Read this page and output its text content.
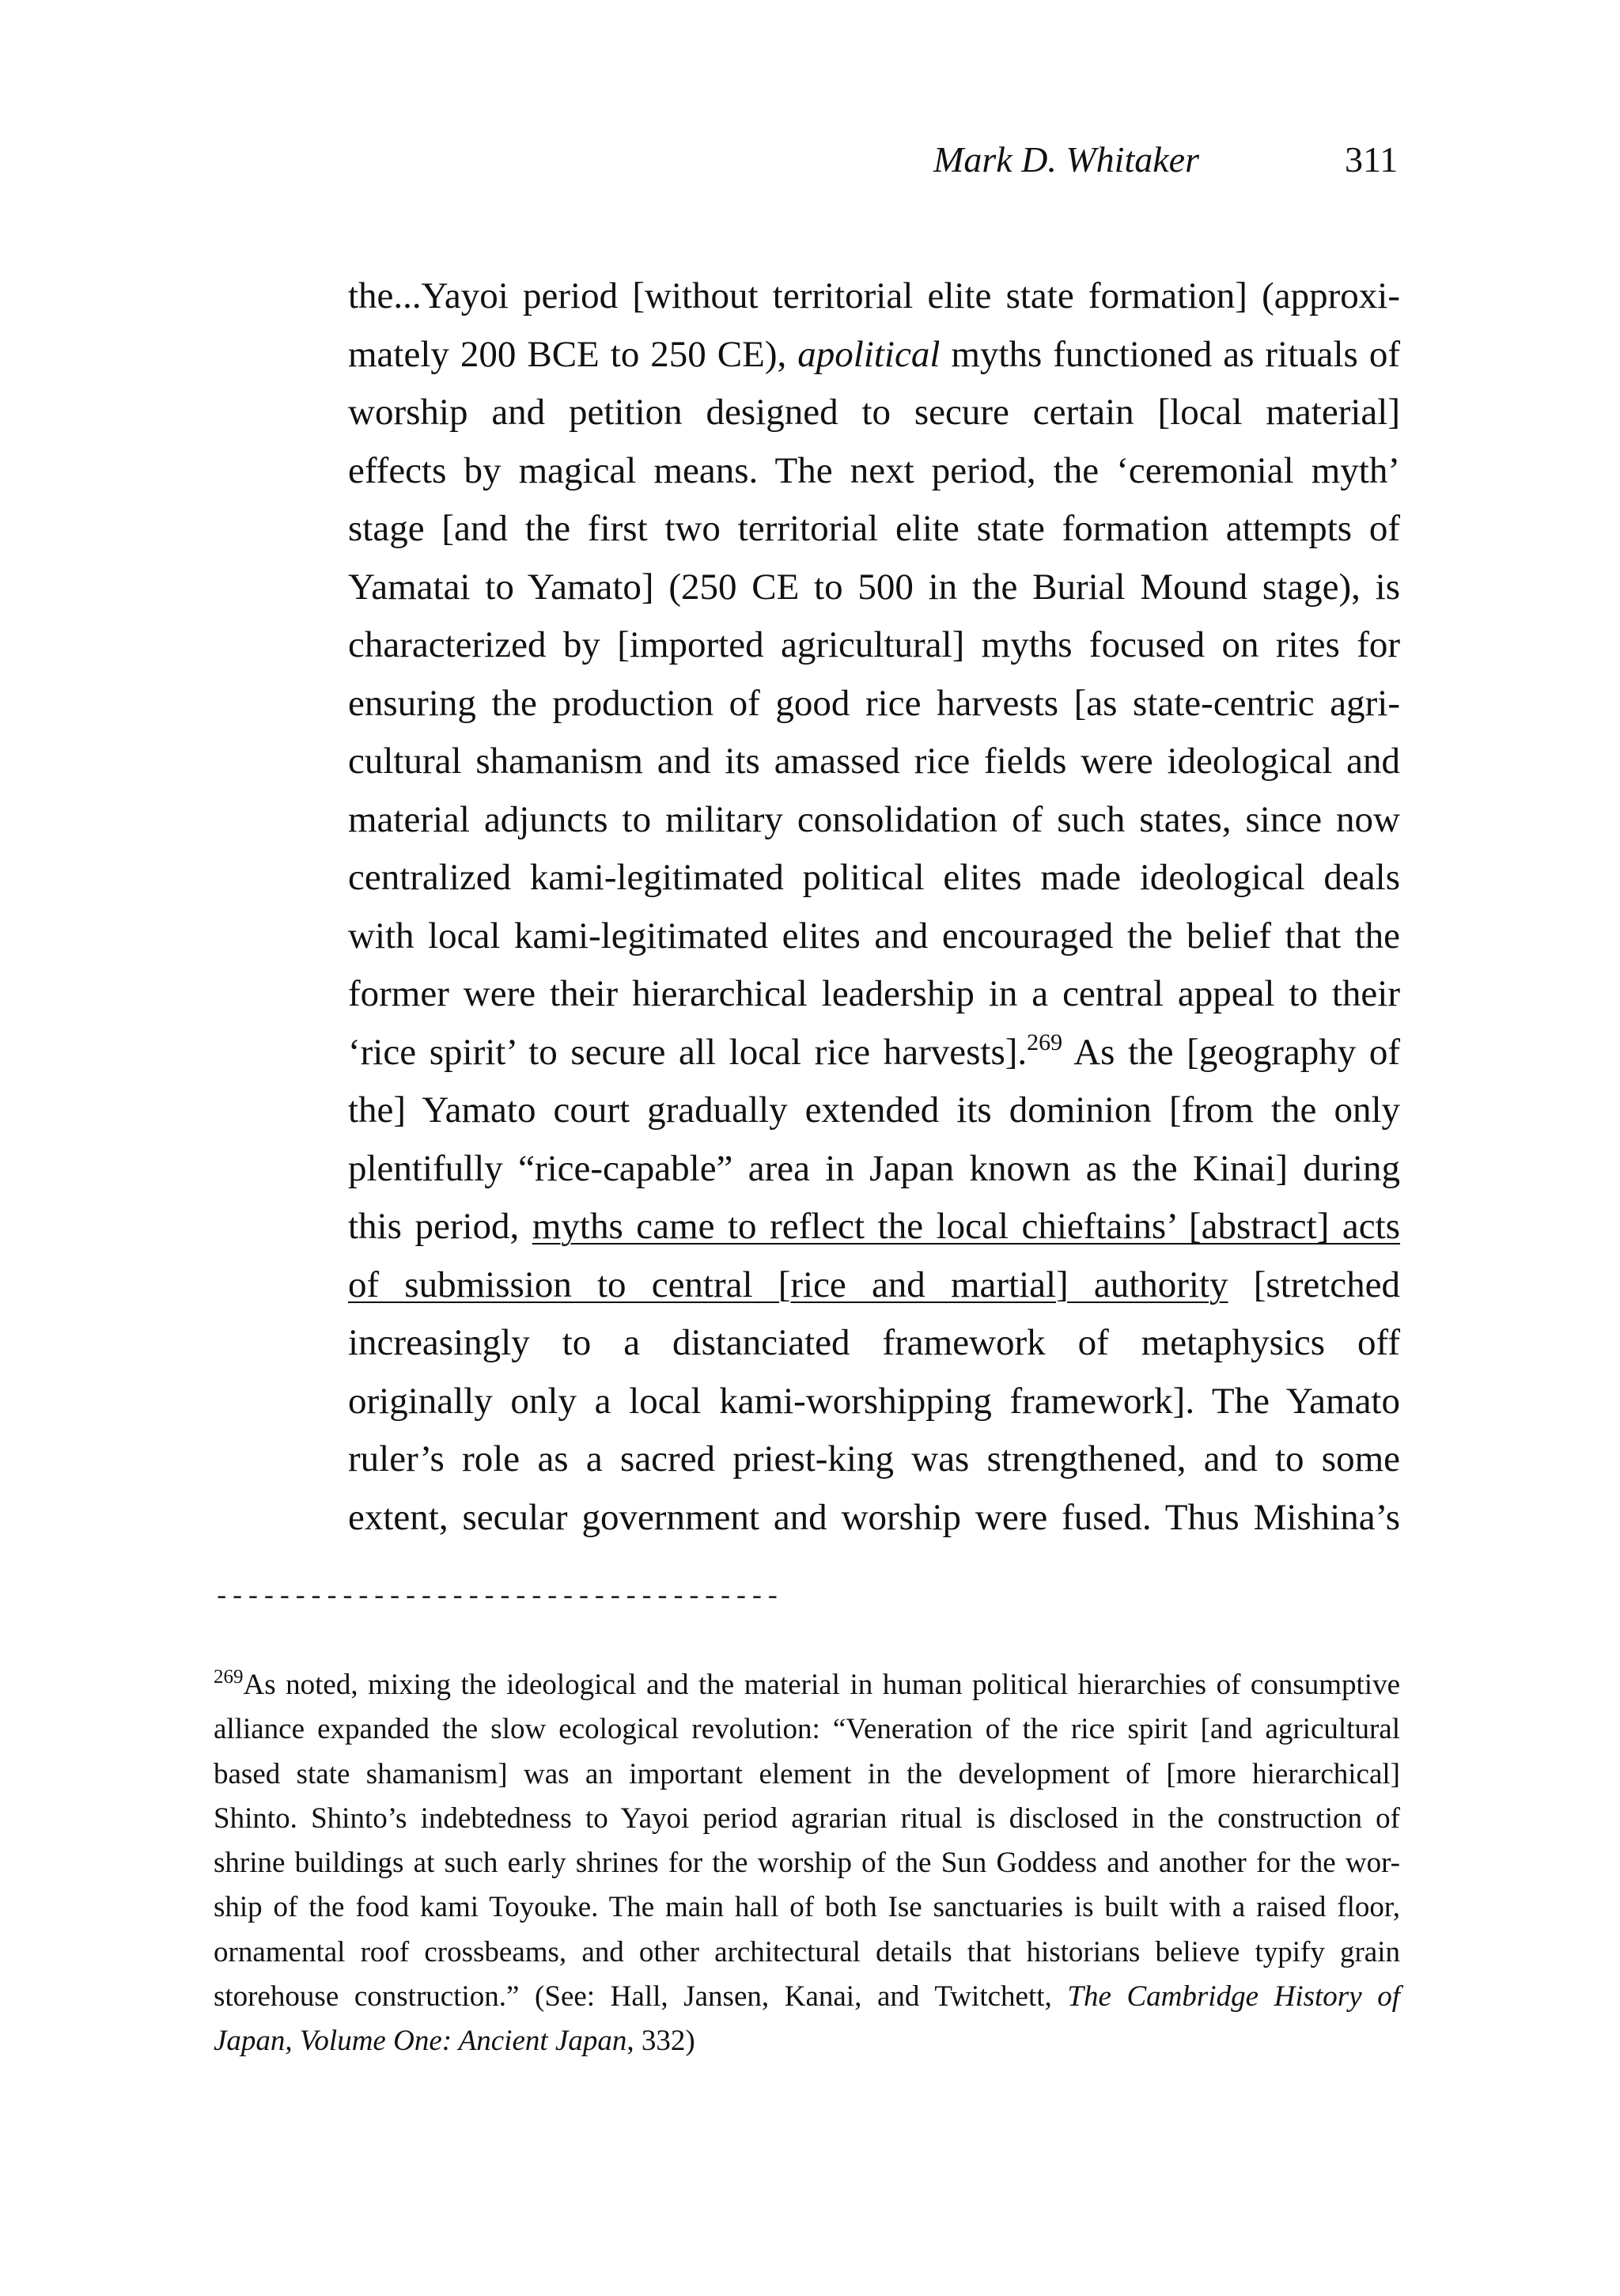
Mark D. Whitaker	311
the...Yayoi period [without territorial elite state formation] (approxi-
mately 200 BCE to 250 CE), apolitical myths functioned as rituals of
worship and petition designed to secure certain [local material]
effects by magical means. The next period, the ‘ceremonial myth’
stage [and the first two territorial elite state formation attempts of
Yamatai to Yamato] (250 CE to 500 in the Burial Mound stage), is
characterized by [imported agricultural] myths focused on rites for
ensuring the production of good rice harvests [as state-centric agri-
cultural shamanism and its amassed rice fields were ideological and
material adjuncts to military consolidation of such states, since now
centralized kami-legitimated political elites made ideological deals
with local kami-legitimated elites and encouraged the belief that the
former were their hierarchical leadership in a central appeal to their
‘rice spirit’ to secure all local rice harvests].$^{269}$ As the [geography of
the] Yamato court gradually extended its dominion [from the only
plentifully “rice-capable” area in Japan known as the Kinai] during
this period, myths came to reflect the local chieftains’ [abstract] acts
of submission to central [rice and martial] authority [stretched
increasingly to a distanciated framework of metaphysics off
originally only a local kami-worshipping framework]. The Yamato
ruler’s role as a sacred priest-king was strengthened, and to some
extent, secular government and worship were fused. Thus Mishina’s
------------------------------------
$^{269}$As noted, mixing the ideological and the material in human political hierarchies of consumptive
alliance expanded the slow ecological revolution: “Veneration of the rice spirit [and agricultural
based state shamanism] was an important element in the development of [more hierarchical]
Shinto. Shinto’s indebtedness to Yayoi period agrarian ritual is disclosed in the construction of
shrine buildings at such early shrines for the worship of the Sun Goddess and another for the wor-
ship of the food kami Toyouke. The main hall of both Ise sanctuaries is built with a raised floor,
ornamental roof crossbeams, and other architectural details that historians believe typify grain
storehouse construction.” (See: Hall, Jansen, Kanai, and Twitchett, The Cambridge History of
Japan, Volume One: Ancient Japan, 332)
